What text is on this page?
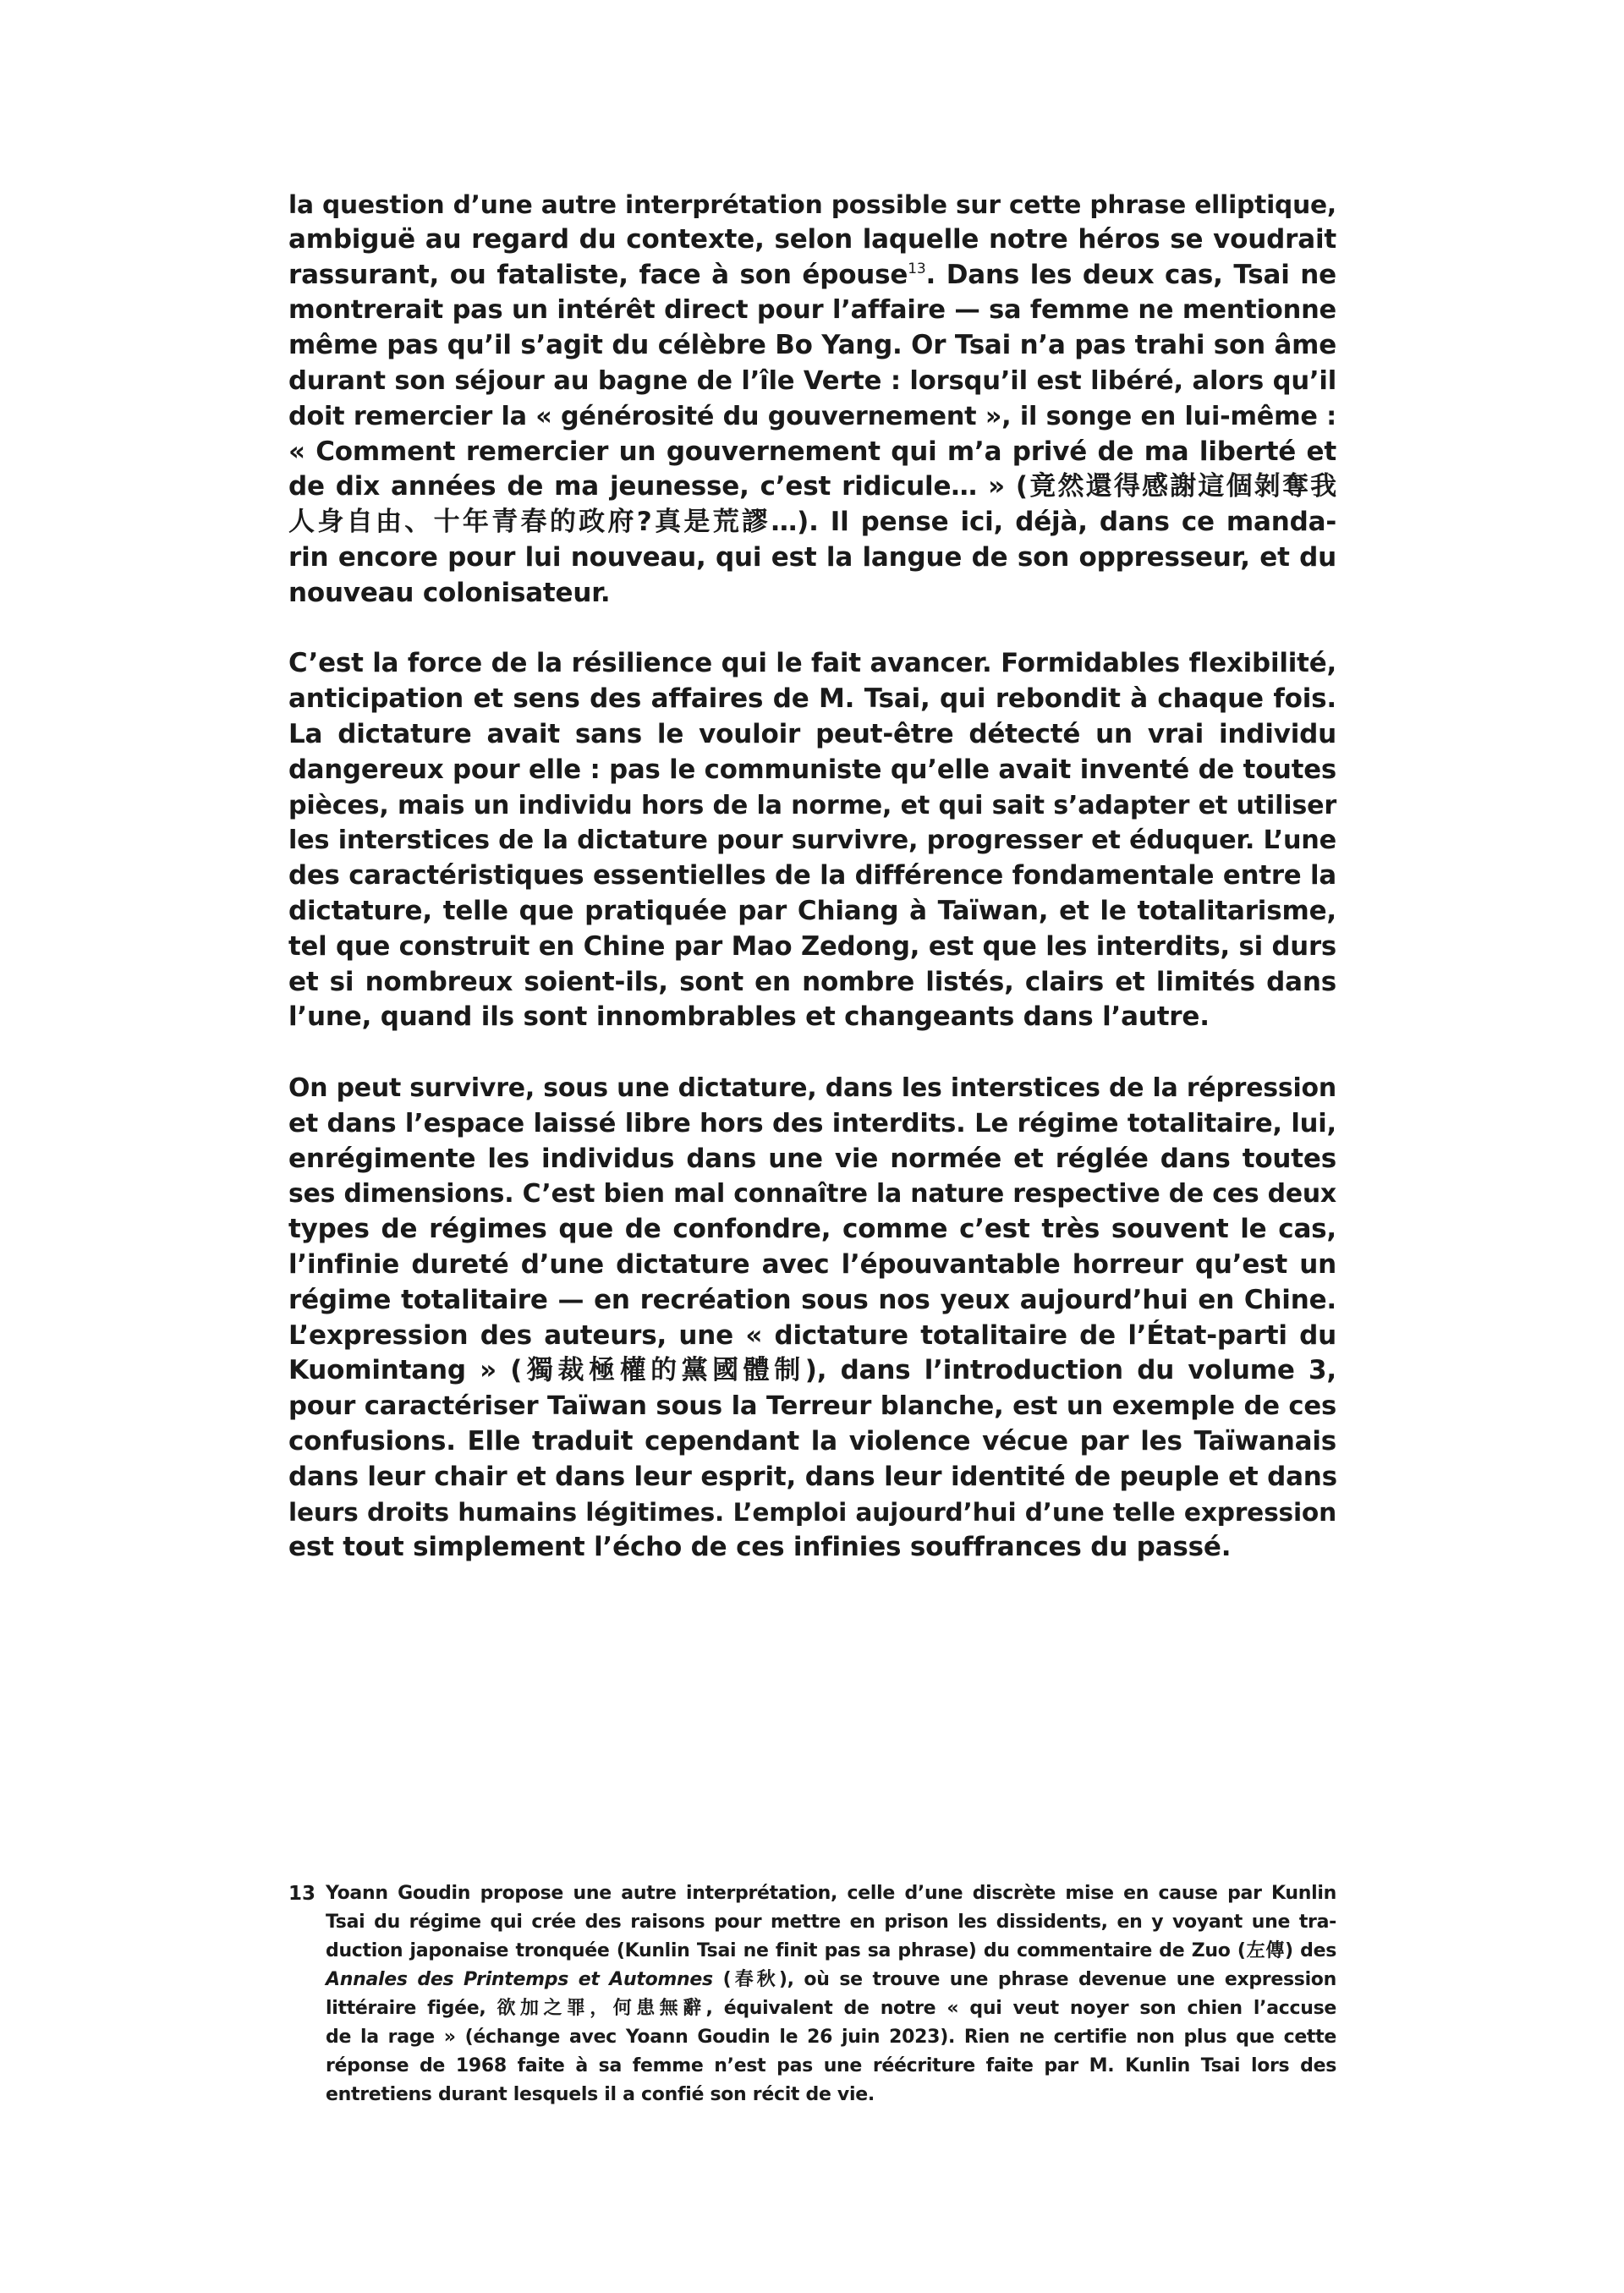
la question d’une autre interprétation possible sur cette phrase elliptique,
ambiguë au regard du contexte, selon laquelle notre héros se voudrait
rassurant, ou fataliste, face à son épouse$^{13}$. Dans les deux cas, Tsai ne
montrerait pas un intérêt direct pour l’affaire — sa femme ne mentionne
même pas qu’il s’agit du célèbre Bo Yang. Or Tsai n’a pas trahi son âme
durant son séjour au bagne de l’île Verte : lorsqu’il est libéré, alors qu’il
doit remercier la « générosité du gouvernement », il songe en lui-même :
« Comment remercier un gouvernement qui m’a privé de ma liberté et
de dix années de ma jeunesse, c’est ridicule… » (竟然還得感謝這個剝奪我
人身自由、十年青春的政府?真是荒謬…). Il pense ici, déjà, dans ce manda-
rin encore pour lui nouveau, qui est la langue de son oppresseur, et du
nouveau colonisateur.

C’est la force de la résilience qui le fait avancer. Formidables flexibilité,
anticipation et sens des affaires de M. Tsai, qui rebondit à chaque fois.
La dictature avait sans le vouloir peut-être détecté un vrai individu
dangereux pour elle : pas le communiste qu’elle avait inventé de toutes
pièces, mais un individu hors de la norme, et qui sait s’adapter et utiliser
les interstices de la dictature pour survivre, progresser et éduquer. L’une
des caractéristiques essentielles de la différence fondamentale entre la
dictature, telle que pratiquée par Chiang à Taïwan, et le totalitarisme,
tel que construit en Chine par Mao Zedong, est que les interdits, si durs
et si nombreux soient-ils, sont en nombre listés, clairs et limités dans
l’une, quand ils sont innombrables et changeants dans l’autre.

On peut survivre, sous une dictature, dans les interstices de la répression
et dans l’espace laissé libre hors des interdits. Le régime totalitaire, lui,
enrégimente les individus dans une vie normée et réglée dans toutes
ses dimensions. C’est bien mal connaître la nature respective de ces deux
types de régimes que de confondre, comme c’est très souvent le cas,
l’infinie dureté d’une dictature avec l’épouvantable horreur qu’est un
régime totalitaire — en recréation sous nos yeux aujourd’hui en Chine.
L’expression des auteurs, une « dictature totalitaire de l’État-parti du
Kuomintang » (獨裁極權的黨國體制), dans l’introduction du volume 3,
pour caractériser Taïwan sous la Terreur blanche, est un exemple de ces
confusions. Elle traduit cependant la violence vécue par les Taïwanais
dans leur chair et dans leur esprit, dans leur identité de peuple et dans
leurs droits humains légitimes. L’emploi aujourd’hui d’une telle expression
est tout simplement l’écho de ces infinies souffrances du passé.

13 Yoann Goudin propose une autre interprétation, celle d’une discrète mise en cause par Kunlin
Tsai du régime qui crée des raisons pour mettre en prison les dissidents, en y voyant une tra-
duction japonaise tronquée (Kunlin Tsai ne finit pas sa phrase) du commentaire de Zuo (左傳) des
Annales des Printemps et Automnes (春秋), où se trouve une phrase devenue une expression
littéraire figée, 欲加之罪，何患無辭, équivalent de notre « qui veut noyer son chien l’accuse
de la rage » (échange avec Yoann Goudin le 26 juin 2023). Rien ne certifie non plus que cette
réponse de 1968 faite à sa femme n’est pas une réécriture faite par M. Kunlin Tsai lors des
entretiens durant lesquels il a confié son récit de vie.
